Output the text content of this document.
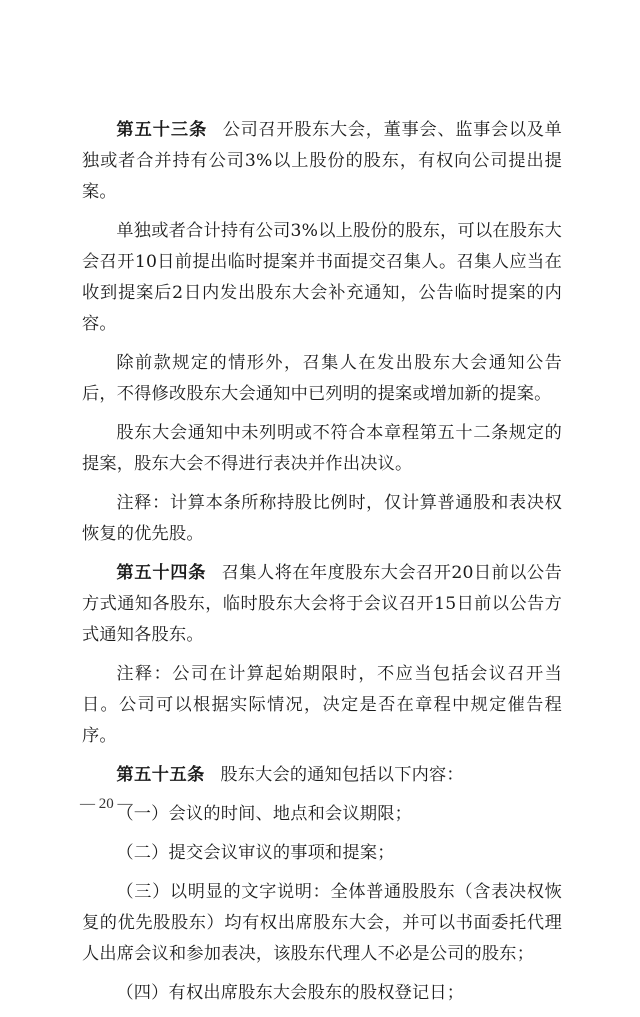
第五十三条 公司召开股东大会，董事会、监事会以及单独或者合并持有公司3%以上股份的股东，有权向公司提出提案。

单独或者合计持有公司3%以上股份的股东，可以在股东大会召开10日前提出临时提案并书面提交召集人。召集人应当在收到提案后2日内发出股东大会补充通知，公告临时提案的内容。

除前款规定的情形外，召集人在发出股东大会通知公告后，不得修改股东大会通知中已列明的提案或增加新的提案。

股东大会通知中未列明或不符合本章程第五十二条规定的提案，股东大会不得进行表决并作出决议。

注释：计算本条所称持股比例时，仅计算普通股和表决权恢复的优先股。

第五十四条 召集人将在年度股东大会召开20日前以公告方式通知各股东，临时股东大会将于会议召开15日前以公告方式通知各股东。

注释：公司在计算起始期限时，不应当包括会议召开当日。公司可以根据实际情况，决定是否在章程中规定催告程序。

第五十五条 股东大会的通知包括以下内容：

（一）会议的时间、地点和会议期限；

（二）提交会议审议的事项和提案；

（三）以明显的文字说明：全体普通股股东（含表决权恢复的优先股股东）均有权出席股东大会，并可以书面委托代理人出席会议和参加表决，该股东代理人不必是公司的股东；

（四）有权出席股东大会股东的股权登记日；

— 20 —
